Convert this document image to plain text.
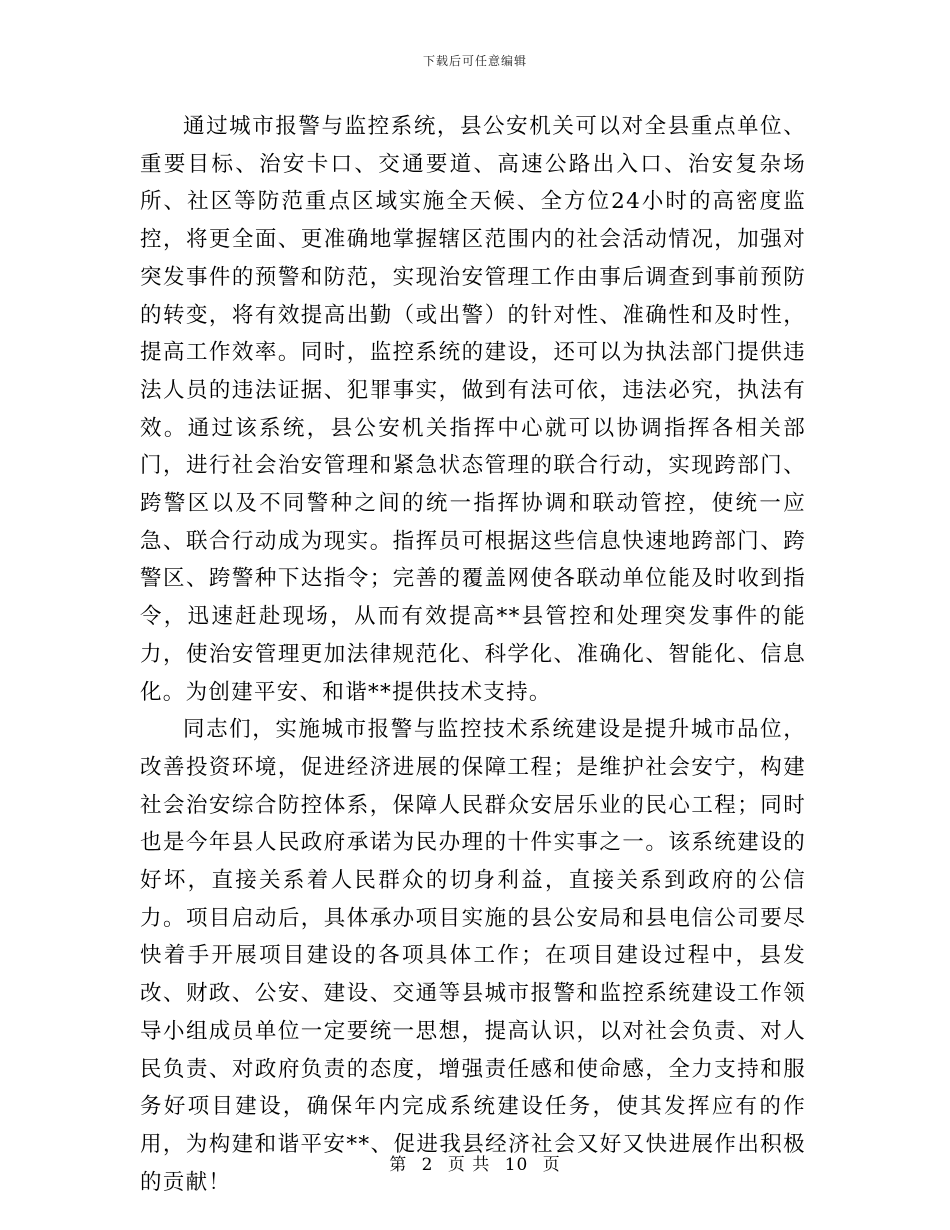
下载后可任意编辑

通过城市报警与监控系统，县公安机关可以对全县重点单位、重要目标、治安卡口、交通要道、高速公路出入口、治安复杂场所、社区等防范重点区域实施全天候、全方位24小时的高密度监控，将更全面、更准确地掌握辖区范围内的社会活动情况，加强对突发事件的预警和防范，实现治安管理工作由事后调查到事前预防的转变，将有效提高出勤（或出警）的针对性、准确性和及时性，提高工作效率。同时，监控系统的建设，还可以为执法部门提供违法人员的违法证据、犯罪事实，做到有法可依，违法必究，执法有效。通过该系统，县公安机关指挥中心就可以协调指挥各相关部门，进行社会治安管理和紧急状态管理的联合行动，实现跨部门、跨警区以及不同警种之间的统一指挥协调和联动管控，使统一应急、联合行动成为现实。指挥员可根据这些信息快速地跨部门、跨警区、跨警种下达指令；完善的覆盖网使各联动单位能及时收到指令，迅速赶赴现场，从而有效提高**县管控和处理突发事件的能力，使治安管理更加法律规范化、科学化、准确化、智能化、信息化。为创建平安、和谐**提供技术支持。

同志们，实施城市报警与监控技术系统建设是提升城市品位，改善投资环境，促进经济进展的保障工程；是维护社会安宁，构建社会治安综合防控体系，保障人民群众安居乐业的民心工程；同时也是今年县人民政府承诺为民办理的十件实事之一。该系统建设的好坏，直接关系着人民群众的切身利益，直接关系到政府的公信力。项目启动后，具体承办项目实施的县公安局和县电信公司要尽快着手开展项目建设的各项具体工作；在项目建设过程中，县发改、财政、公安、建设、交通等县城市报警和监控系统建设工作领导小组成员单位一定要统一思想，提高认识，以对社会负责、对人民负责、对政府负责的态度，增强责任感和使命感，全力支持和服务好项目建设，确保年内完成系统建设任务，使其发挥应有的作用，为构建和谐平安**、促进我县经济社会又好又快进展作出积极的贡献！

第 2 页 共 10 页
